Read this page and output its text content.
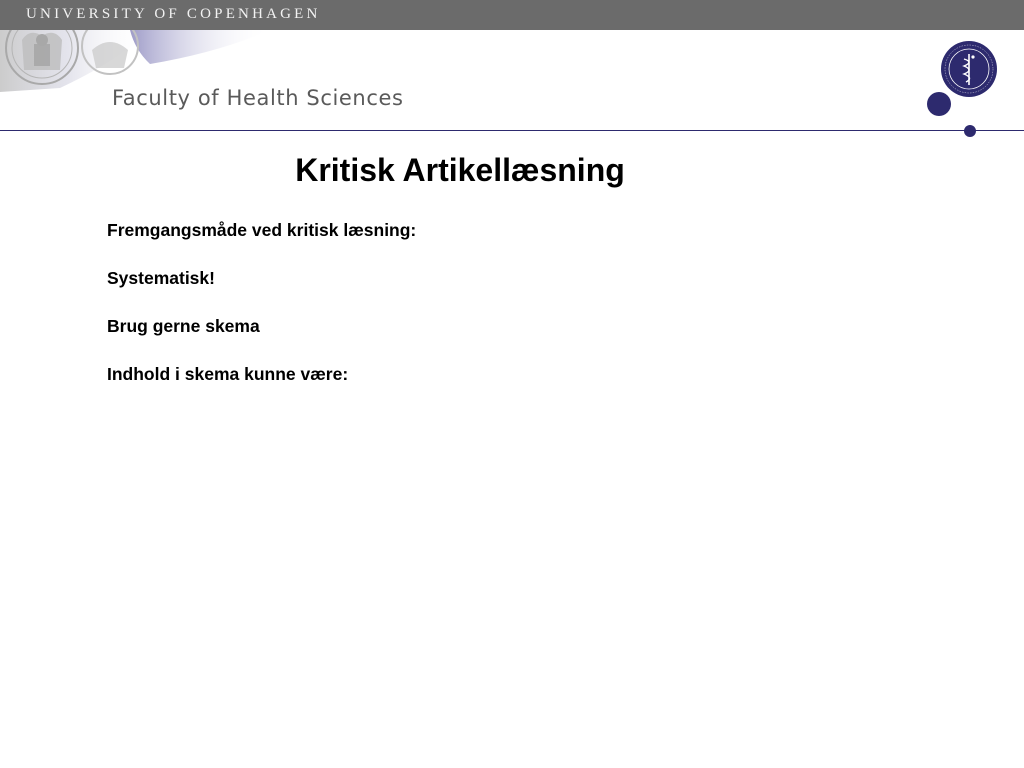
UNIVERSITY OF COPENHAGEN
Faculty of Health Sciences
Kritisk Artikellæsning
Fremgangsmåde ved kritisk læsning:
Systematisk!
Brug gerne skema
Indhold i skema kunne være:
